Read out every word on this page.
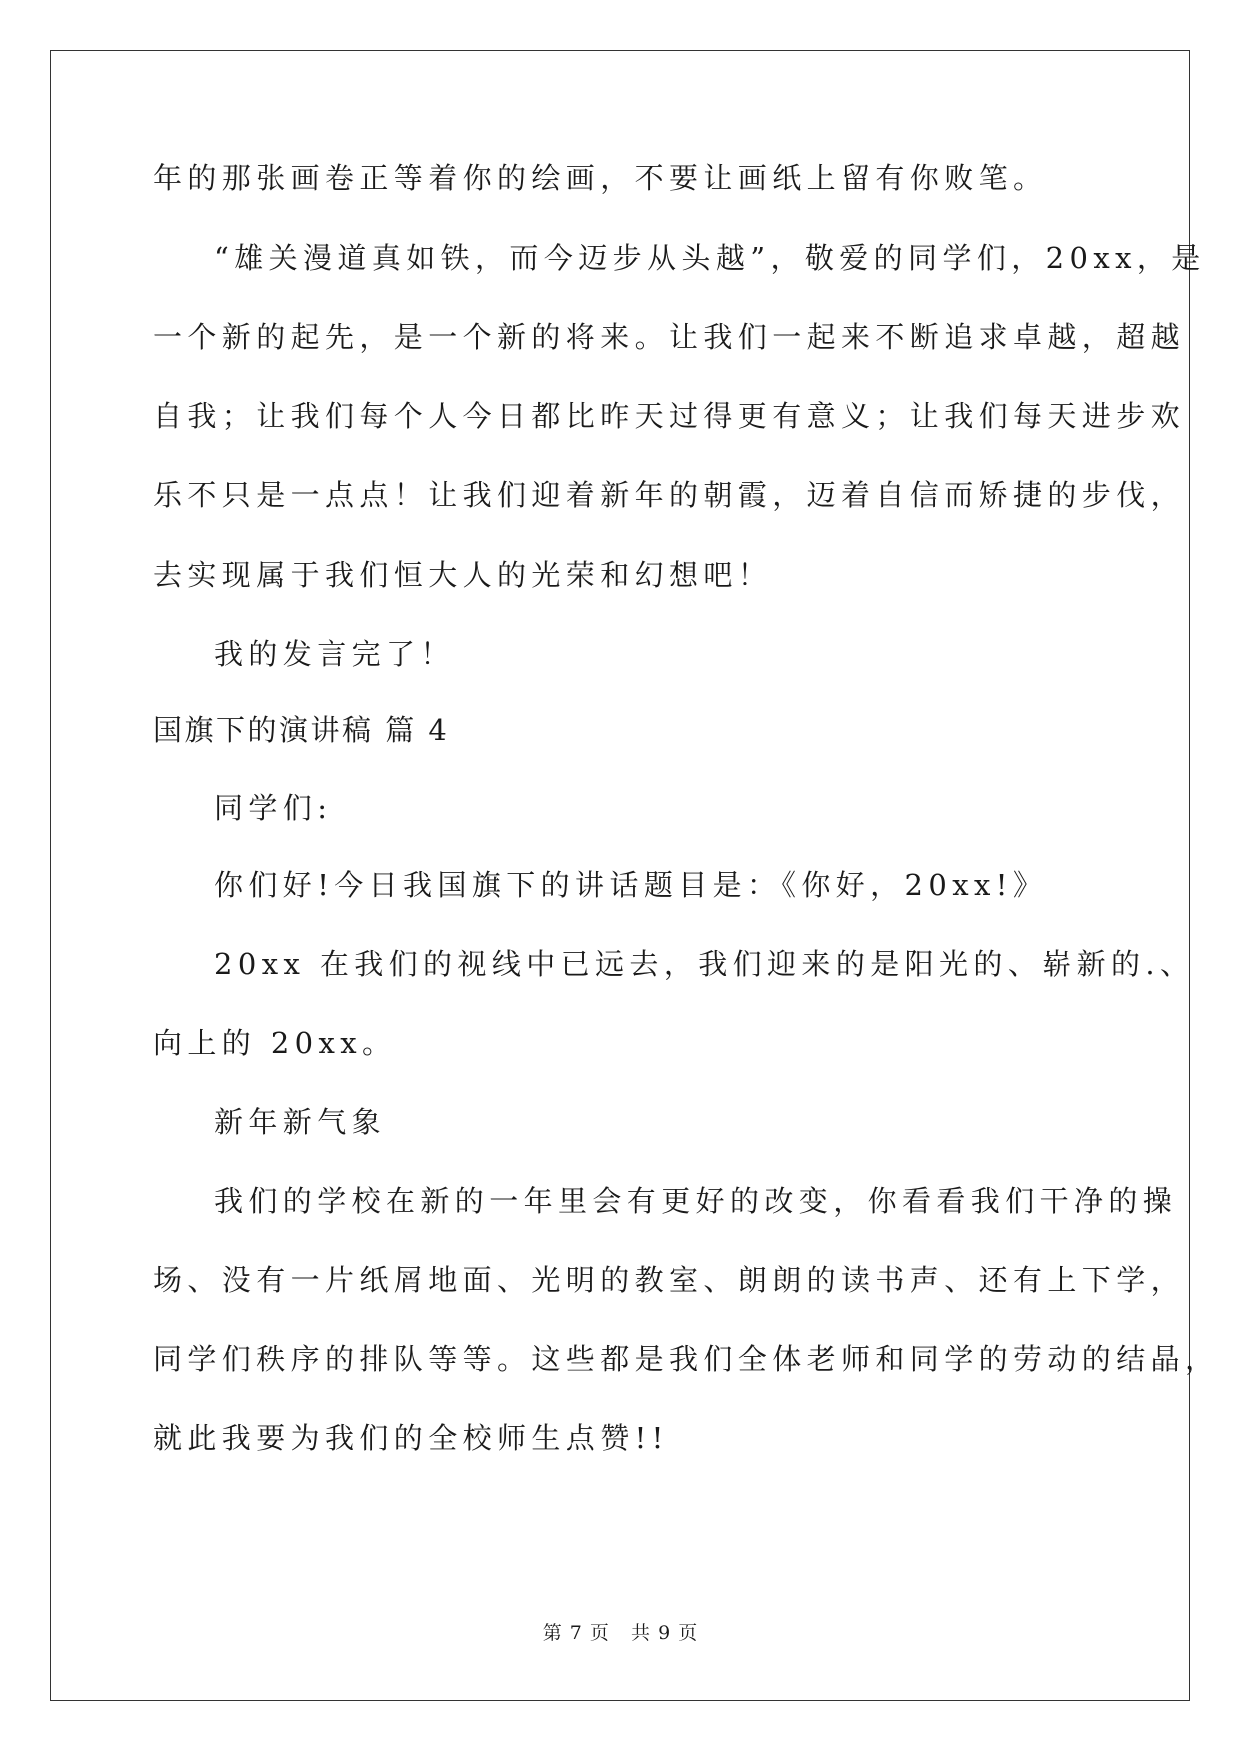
年的那张画卷正等着你的绘画，不要让画纸上留有你败笔。
“雄关漫道真如铁，而今迈步从头越”，敬爱的同学们，20xx，是
一个新的起先，是一个新的将来。让我们一起来不断追求卓越，超越
自我；让我们每个人今日都比昨天过得更有意义；让我们每天进步欢
乐不只是一点点！让我们迎着新年的朝霞，迈着自信而矫捷的步伐，
去实现属于我们恒大人的光荣和幻想吧！
我的发言完了！
国旗下的演讲稿 篇 4
同学们:
你们好!今日我国旗下的讲话题目是：《你好，20xx!》
20xx 在我们的视线中已远去，我们迎来的是阳光的、崭新的.、
向上的 20xx。
新年新气象
我们的学校在新的一年里会有更好的改变，你看看我们干净的操
场、没有一片纸屑地面、光明的教室、朗朗的读书声、还有上下学，
同学们秩序的排队等等。这些都是我们全体老师和同学的劳动的结晶，
就此我要为我们的全校师生点赞!!
第 7 页   共 9 页
